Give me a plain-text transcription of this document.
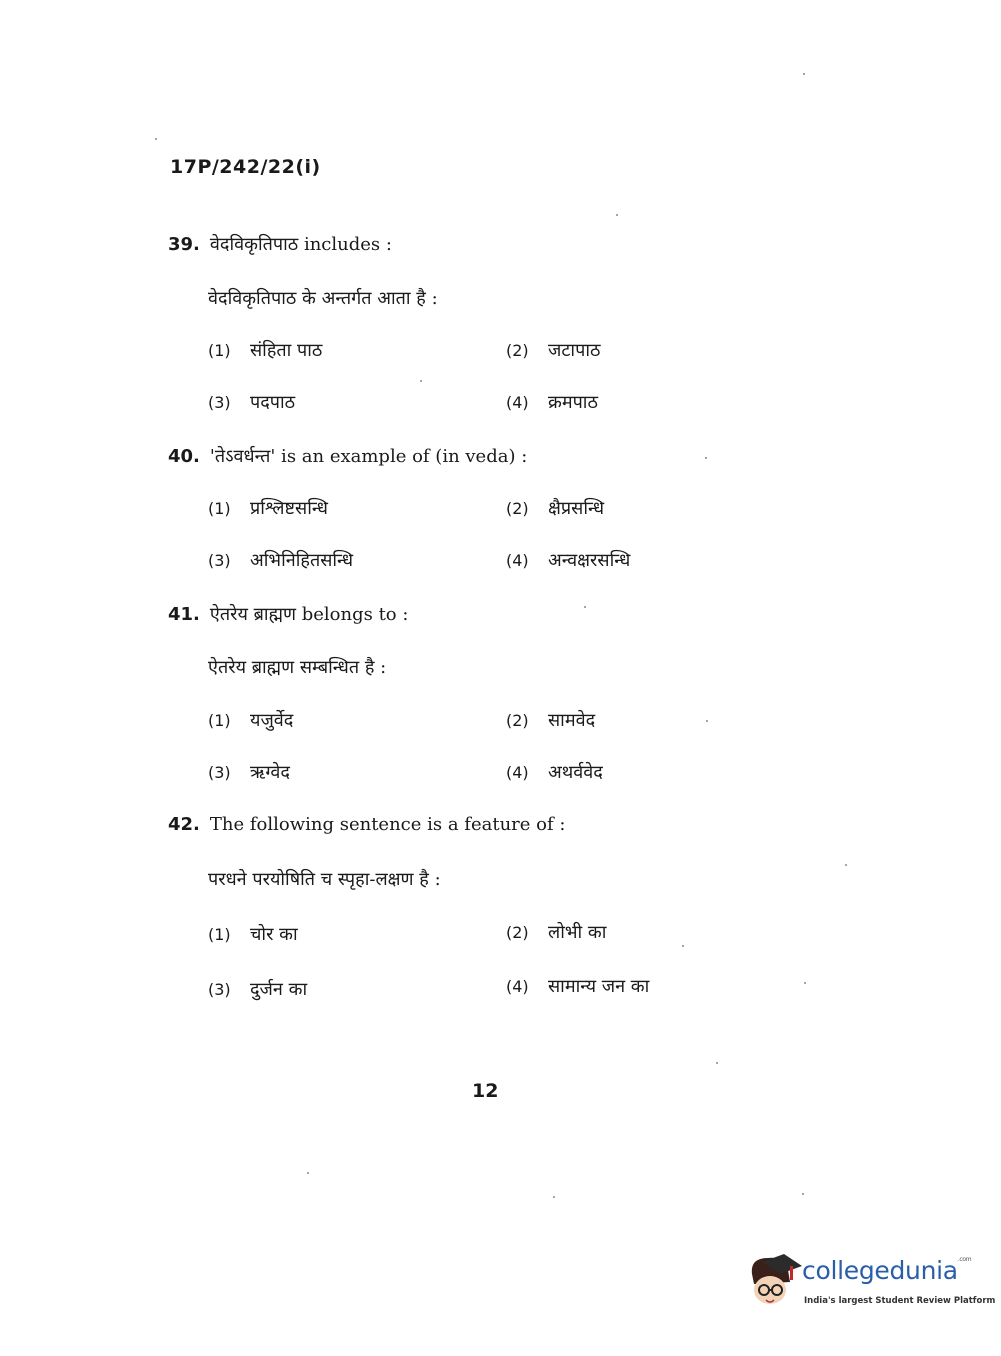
17P/242/22(i)
39. वेदविकृतिपाठ includes :
वेदविकृतिपाठ के अन्तर्गत आता है :
(1) संहिता पाठ	(2) जटापाठ
(3) पदपाठ	(4) क्रमपाठ
40. 'तेऽवर्धन्त' is an example of (in veda) :
(1) प्रश्लिष्टसन्धि	(2) क्षैप्रसन्धि
(3) अभिनिहितसन्धि	(4) अन्वक्षरसन्धि
41. ऐतरेय ब्राह्मण belongs to :
ऐतरेय ब्राह्मण सम्बन्धित है :
(1) यजुर्वेद	(2) सामवेद
(3) ऋग्वेद	(4) अथर्ववेद
42. The following sentence is a feature of :
परधने परयोषिति च स्पृहा-लक्षण है :
(1) चोर का	(2) लोभी का
(3) दुर्जन का	(4) सामान्य जन का
12
collegedunia$^{.com}$
India's largest Student Review Platform
